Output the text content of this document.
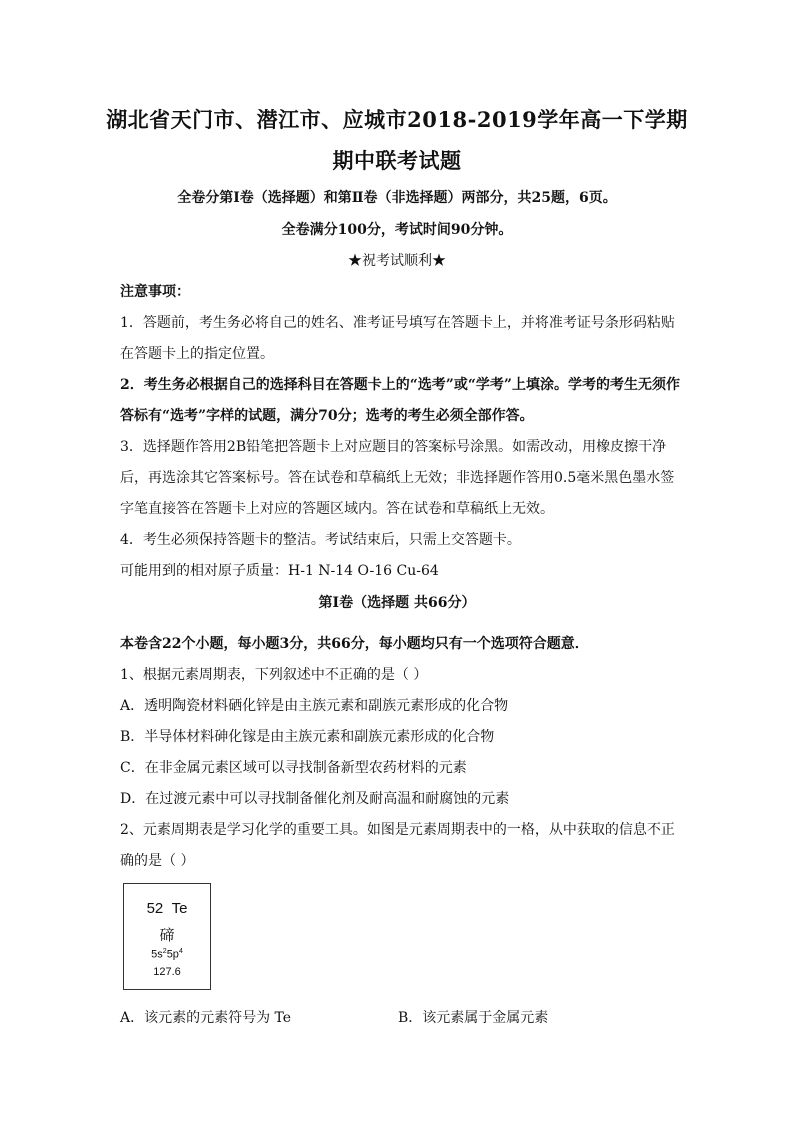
湖北省天门市、潜江市、应城市2018-2019学年高一下学期
期中联考试题
全卷分第Ⅰ卷（选择题）和第Ⅱ卷（非选择题）两部分，共25题，6页。
全卷满分100分，考试时间90分钟。
★祝考试顺利★
注意事项：
1．答题前，考生务必将自己的姓名、准考证号填写在答题卡上，并将准考证号条形码粘贴
在答题卡上的指定位置。
2．考生务必根据自己的选择科目在答题卡上的“选考”或“学考”上填涂。学考的考生无须作
答标有“选考”字样的试题，满分70分；选考的考生必须全部作答。
3．选择题作答用2B铅笔把答题卡上对应题目的答案标号涂黑。如需改动，用橡皮擦干净
后，再选涂其它答案标号。答在试卷和草稿纸上无效；非选择题作答用0.5毫米黑色墨水签
字笔直接答在答题卡上对应的答题区域内。答在试卷和草稿纸上无效。
4．考生必须保持答题卡的整洁。考试结束后，只需上交答题卡。
可能用到的相对原子质量：H-1 N-14 O-16 Cu-64
第Ⅰ卷（选择题 共66分）
本卷含22个小题，每小题3分，共66分，每小题均只有一个选项符合题意．
1、根据元素周期表，下列叙述中不正确的是（ ）
A．透明陶瓷材料硒化锌是由主族元素和副族元素形成的化合物
B．半导体材料砷化镓是由主族元素和副族元素形成的化合物
C．在非金属元素区域可以寻找制备新型农药材料的元素
D．在过渡元素中可以寻找制备催化剂及耐高温和耐腐蚀的元素
2、元素周期表是学习化学的重要工具。如图是元素周期表中的一格，从中获取的信息不正
确的是（ ）
52 Te
碲
$5s^25p^4$
127.6
A．该元素的元素符号为 Te	B．该元素属于金属元素
